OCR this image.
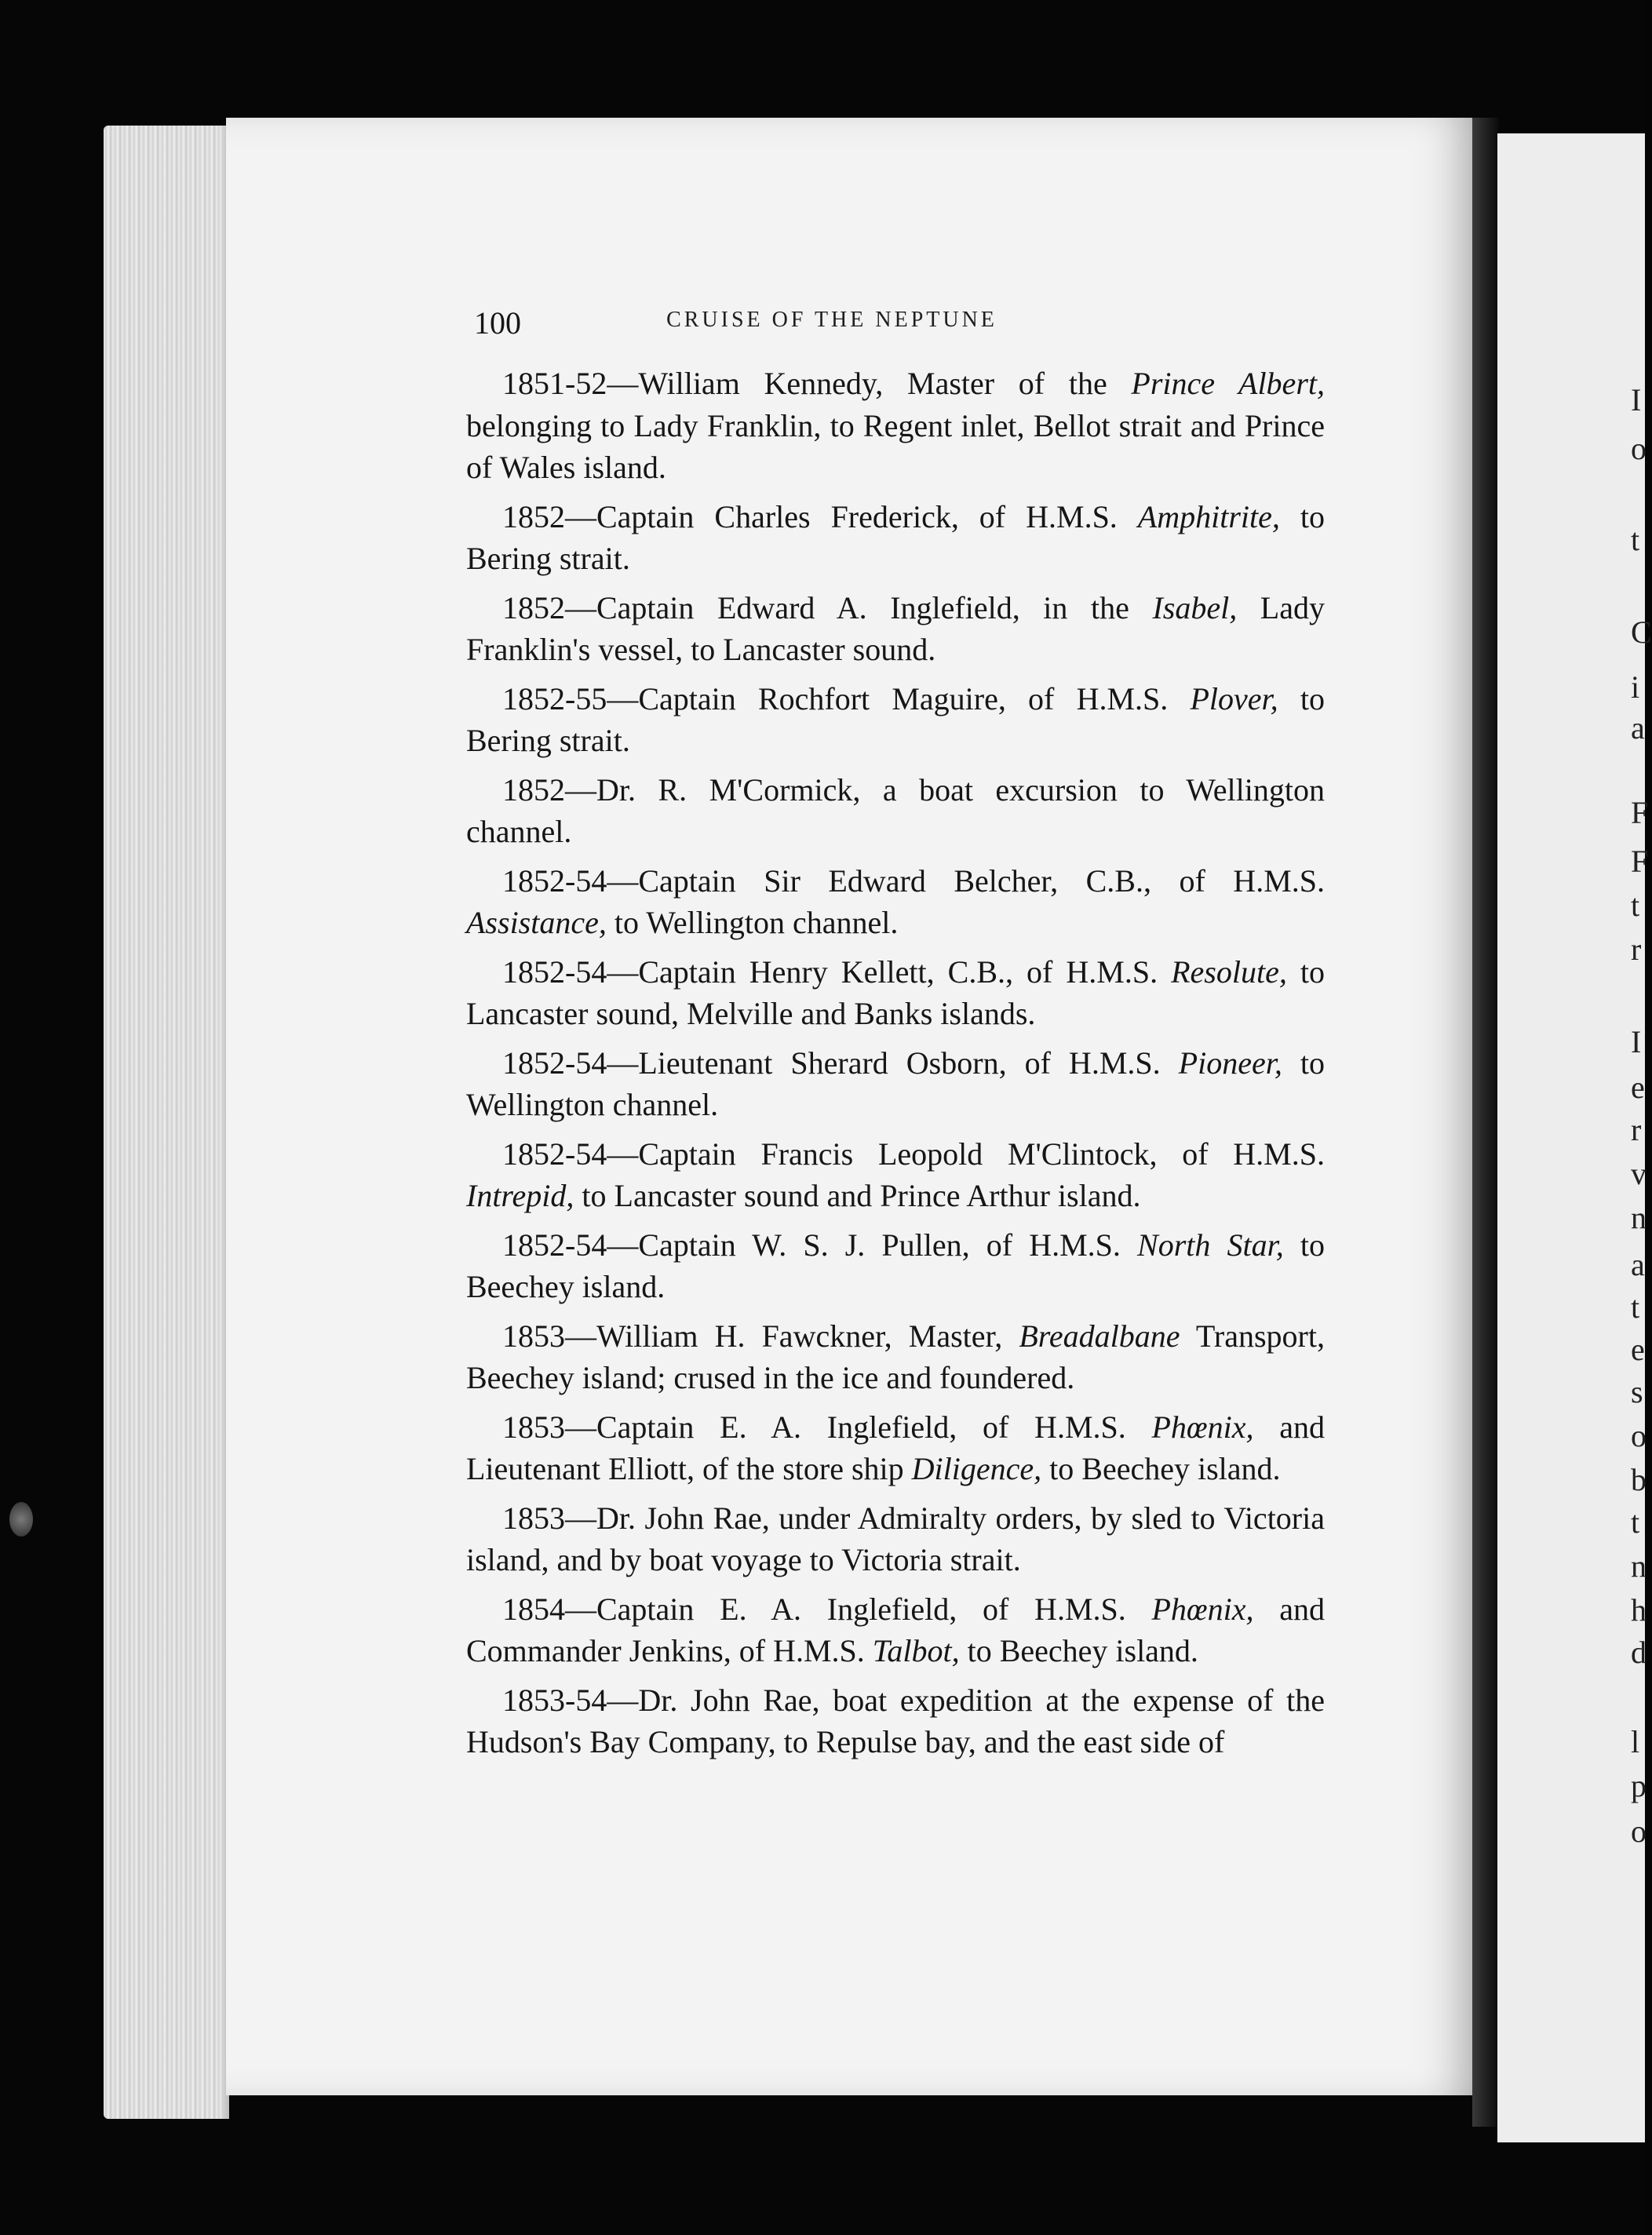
I
o
t
C
i
a
F
F
t
r
I
e
r
v
n
a
t
e
s
o
b
t
n
h
d
l
p
o
100	CRUISE OF THE NEPTUNE

1851-52—William Kennedy, Master of the Prince Albert, belonging to Lady Franklin, to Regent inlet, Bellot strait and Prince of Wales island.

1852—Captain Charles Frederick, of H.M.S. Amphitrite, to Bering strait.

1852—Captain Edward A. Inglefield, in the Isabel, Lady Franklin's vessel, to Lancaster sound.

1852-55—Captain Rochfort Maguire, of H.M.S. Plover, to Bering strait.

1852—Dr. R. M'Cormick, a boat excursion to Wellington channel.

1852-54—Captain Sir Edward Belcher, C.B., of H.M.S. Assistance, to Wellington channel.

1852-54—Captain Henry Kellett, C.B., of H.M.S. Resolute, to Lancaster sound, Melville and Banks islands.

1852-54—Lieutenant Sherard Osborn, of H.M.S. Pioneer, to Wellington channel.

1852-54—Captain Francis Leopold M'Clintock, of H.M.S. Intrepid, to Lancaster sound and Prince Arthur island.

1852-54—Captain W. S. J. Pullen, of H.M.S. North Star, to Beechey island.

1853—William H. Fawckner, Master, Breadalbane Transport, Beechey island; crused in the ice and foundered.

1853—Captain E. A. Inglefield, of H.M.S. Phœnix, and Lieutenant Elliott, of the store ship Diligence, to Beechey island.

1853—Dr. John Rae, under Admiralty orders, by sled to Victoria island, and by boat voyage to Victoria strait.

1854—Captain E. A. Inglefield, of H.M.S. Phœnix, and Commander Jenkins, of H.M.S. Talbot, to Beechey island.

1853-54—Dr. John Rae, boat expedition at the expense of the Hudson's Bay Company, to Repulse bay, and the east side of
